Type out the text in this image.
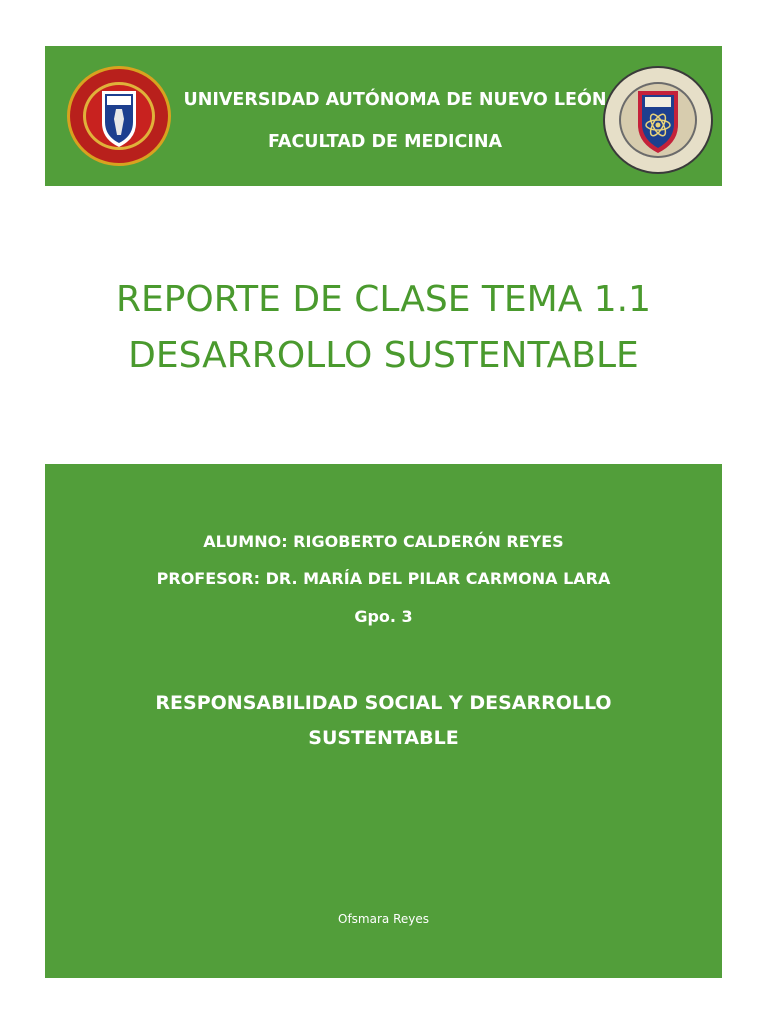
UNIVERSIDAD AUTÓNOMA DE NUEVO LEÓN
FACULTAD DE MEDICINA
REPORTE DE CLASE TEMA 1.1
DESARROLLO SUSTENTABLE
ALUMNO: RIGOBERTO CALDERÓN REYES
PROFESOR: DR. MARÍA DEL PILAR CARMONA LARA
Gpo. 3
RESPONSABILIDAD SOCIAL Y DESARROLLO
SUSTENTABLE
Ofsmara Reyes
